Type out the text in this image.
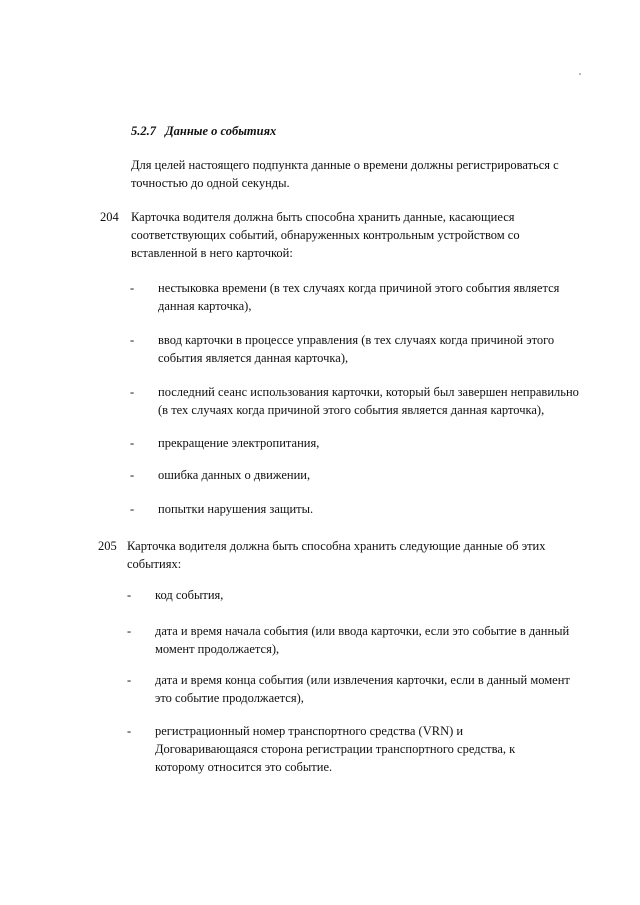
5.2.7 Данные о событиях
Для целей настоящего подпункта данные о времени должны регистрироваться с точностью до одной секунды.
204 Карточка водителя должна быть способна хранить данные, касающиеся соответствующих событий, обнаруженных контрольным устройством со вставленной в него карточкой:
- нестыковка времени (в тех случаях когда причиной этого события является данная карточка),
- ввод карточки в процессе управления (в тех случаях когда причиной этого события является данная карточка),
- последний сеанс использования карточки, который был завершен неправильно (в тех случаях когда причиной этого события является данная карточка),
- прекращение электропитания,
- ошибка данных о движении,
- попытки нарушения защиты.
205 Карточка водителя должна быть способна хранить следующие данные об этих событиях:
- код события,
- дата и время начала события (или ввода карточки, если это событие в данный момент продолжается),
- дата и время конца события (или извлечения карточки, если в данный момент это событие продолжается),
- регистрационный номер транспортного средства (VRN) и Договаривающаяся сторона регистрации транспортного средства, к которому относится это событие.
